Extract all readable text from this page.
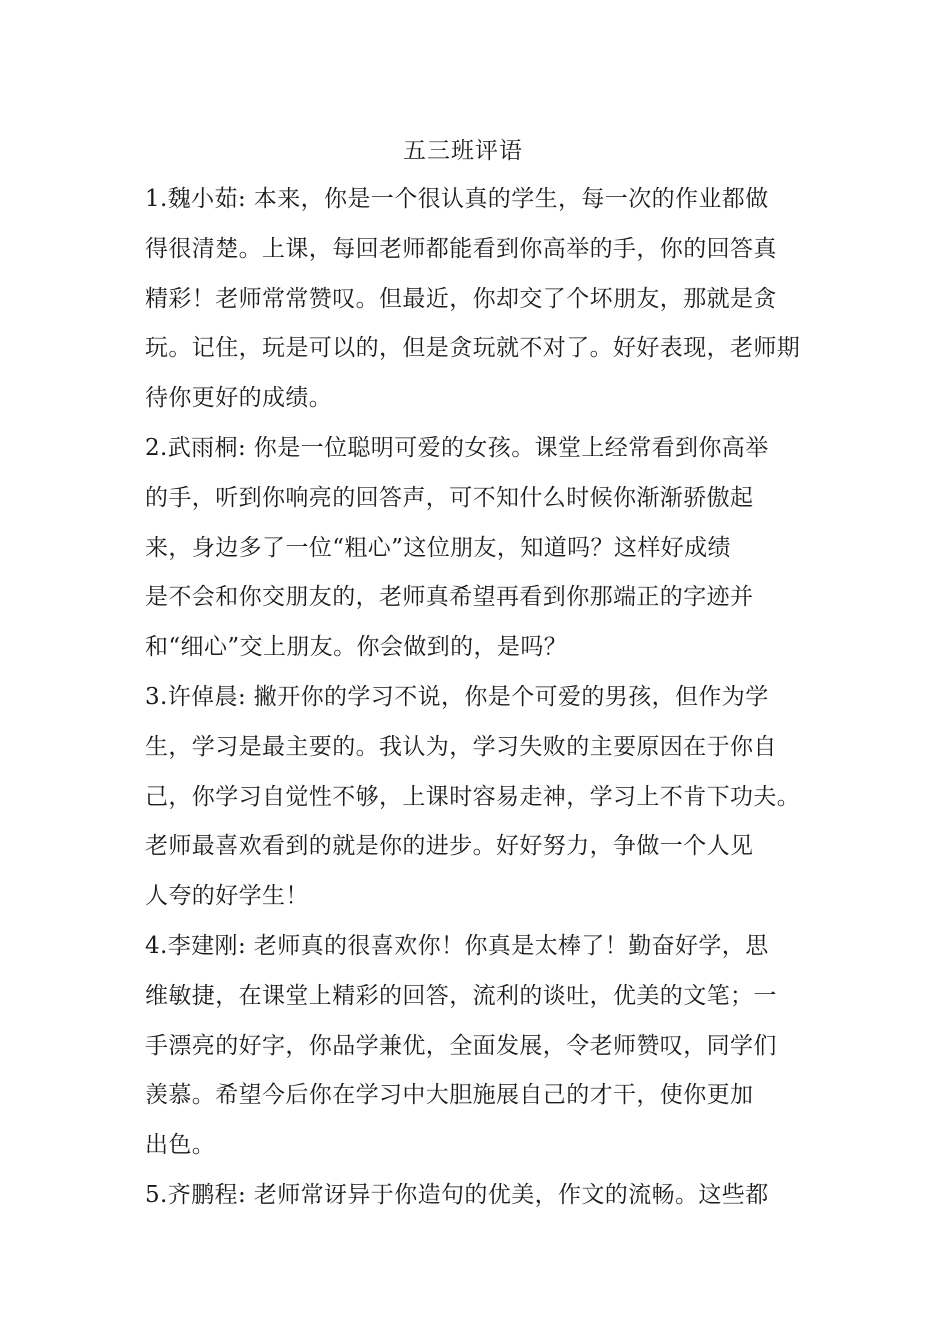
五三班评语
1.魏小茹: 本来，你是一个很认真的学生，每一次的作业都做
得很清楚。上课，每回老师都能看到你高举的手，你的回答真
精彩！老师常常赞叹。但最近，你却交了个坏朋友，那就是贪
玩。记住，玩是可以的，但是贪玩就不对了。好好表现，老师期
待你更好的成绩。
2.武雨桐: 你是一位聪明可爱的女孩。课堂上经常看到你高举
的手，听到你响亮的回答声，可不知什么时候你渐渐骄傲起
来，身边多了一位“粗心”这位朋友，知道吗？这样好成绩
是不会和你交朋友的，老师真希望再看到你那端正的字迹并
和“细心”交上朋友。你会做到的，是吗？
3.许倬晨: 撇开你的学习不说，你是个可爱的男孩，但作为学
生，学习是最主要的。我认为，学习失败的主要原因在于你自
己，你学习自觉性不够，上课时容易走神，学习上不肯下功夫。
老师最喜欢看到的就是你的进步。好好努力，争做一个人见
人夸的好学生！
4.李建刚: 老师真的很喜欢你！你真是太棒了！勤奋好学，思
维敏捷，在课堂上精彩的回答，流利的谈吐，优美的文笔；一
手漂亮的好字，你品学兼优，全面发展，令老师赞叹，同学们
羡慕。希望今后你在学习中大胆施展自己的才干，使你更加
出色。
5.齐鹏程: 老师常讶异于你造句的优美，作文的流畅。这些都
